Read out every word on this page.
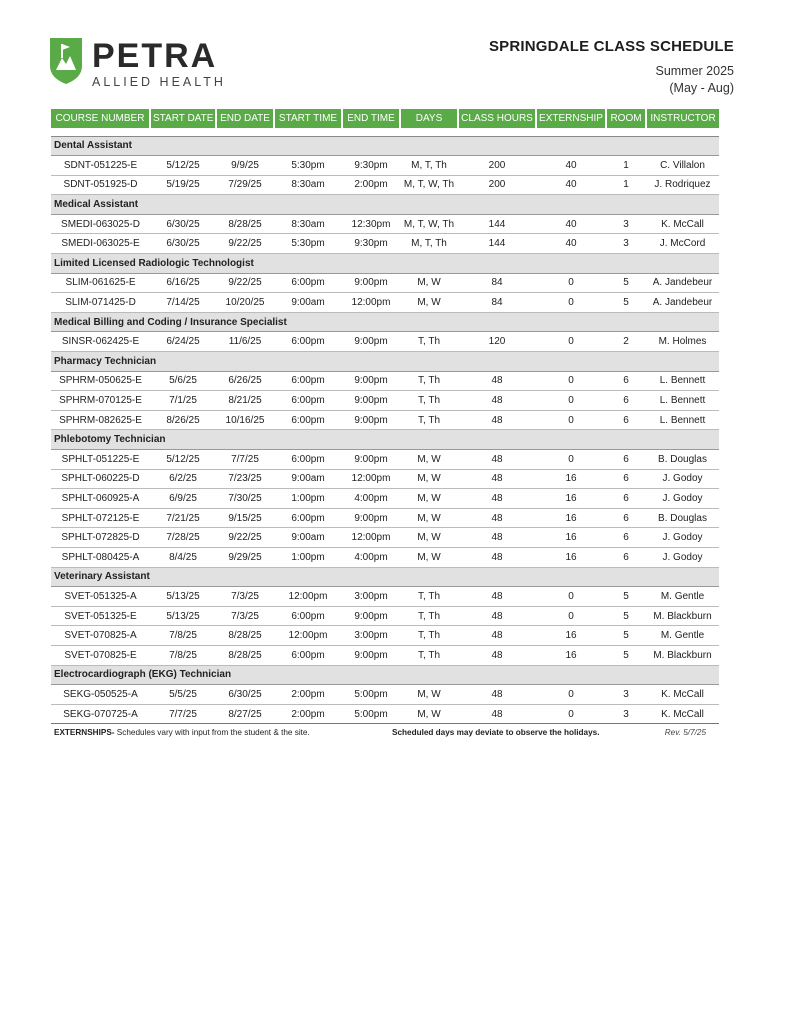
PETRA
ALLIED HEALTH
SPRINGDALE CLASS SCHEDULE
Summer 2025
(May - Aug)
COURSE NUMBER	START DATE	END DATE	START TIME	END TIME	DAYS	CLASS HOURS	EXTERNSHIP	ROOM	INSTRUCTOR

Dental Assistant									
SDNT-051225-E	5/12/25	9/9/25	5:30pm	9:30pm	M, T, Th	200	40	1	C. Villalon
SDNT-051925-D	5/19/25	7/29/25	8:30am	2:00pm	M, T, W, Th	200	40	1	J. Rodriquez
Medical Assistant									
SMEDI-063025-D	6/30/25	8/28/25	8:30am	12:30pm	M, T, W, Th	144	40	3	K. McCall
SMEDI-063025-E	6/30/25	9/22/25	5:30pm	9:30pm	M, T, Th	144	40	3	J. McCord
Limited Licensed Radiologic Technologist									
SLIM-061625-E	6/16/25	9/22/25	6:00pm	9:00pm	M, W	84	0	5	A. Jandebeur
SLIM-071425-D	7/14/25	10/20/25	9:00am	12:00pm	M, W	84	0	5	A. Jandebeur
Medical Billing and Coding / Insurance Specialist									
SINSR-062425-E	6/24/25	11/6/25	6:00pm	9:00pm	T, Th	120	0	2	M. Holmes
Pharmacy Technician									
SPHRM-050625-E	5/6/25	6/26/25	6:00pm	9:00pm	T, Th	48	0	6	L. Bennett
SPHRM-070125-E	7/1/25	8/21/25	6:00pm	9:00pm	T, Th	48	0	6	L. Bennett
SPHRM-082625-E	8/26/25	10/16/25	6:00pm	9:00pm	T, Th	48	0	6	L. Bennett
Phlebotomy Technician									
SPHLT-051225-E	5/12/25	7/7/25	6:00pm	9:00pm	M, W	48	0	6	B. Douglas
SPHLT-060225-D	6/2/25	7/23/25	9:00am	12:00pm	M, W	48	16	6	J. Godoy
SPHLT-060925-A	6/9/25	7/30/25	1:00pm	4:00pm	M, W	48	16	6	J. Godoy
SPHLT-072125-E	7/21/25	9/15/25	6:00pm	9:00pm	M, W	48	16	6	B. Douglas
SPHLT-072825-D	7/28/25	9/22/25	9:00am	12:00pm	M, W	48	16	6	J. Godoy
SPHLT-080425-A	8/4/25	9/29/25	1:00pm	4:00pm	M, W	48	16	6	J. Godoy
Veterinary Assistant									
SVET-051325-A	5/13/25	7/3/25	12:00pm	3:00pm	T, Th	48	0	5	M. Gentle
SVET-051325-E	5/13/25	7/3/25	6:00pm	9:00pm	T, Th	48	0	5	M. Blackburn
SVET-070825-A	7/8/25	8/28/25	12:00pm	3:00pm	T, Th	48	16	5	M. Gentle
SVET-070825-E	7/8/25	8/28/25	6:00pm	9:00pm	T, Th	48	16	5	M. Blackburn
Electrocardiograph (EKG) Technician									
SEKG-050525-A	5/5/25	6/30/25	2:00pm	5:00pm	M, W	48	0	3	K. McCall
SEKG-070725-A	7/7/25	8/27/25	2:00pm	5:00pm	M, W	48	0	3	K. McCall
EXTERNSHIPS- Schedules vary with input from the student & the site.	Scheduled days may deviate to observe the holidays.	Rev. 5/7/25
